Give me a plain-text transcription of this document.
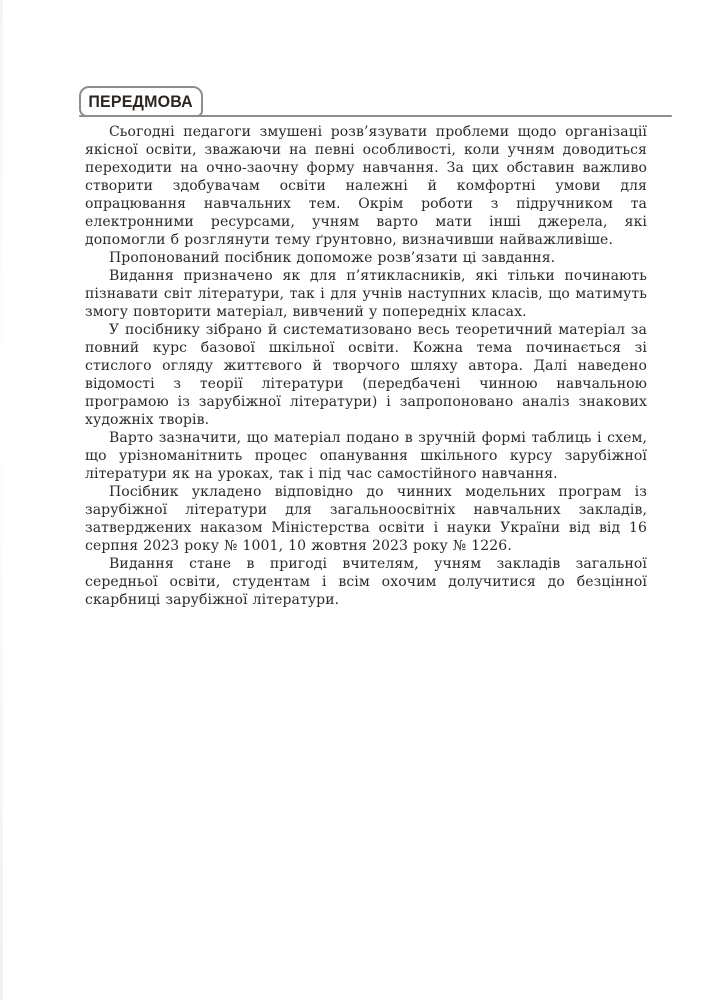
ПЕРЕДМОВА

Сьогодні педагоги змушені розв’язувати проблеми щодо організації якісної освіти, зважаючи на певні особливості, коли учням доводиться переходити на очно-заочну форму навчання. За цих обставин важливо створити здобувачам освіти належні й комфортні умови для опрацювання навчальних тем. Окрім роботи з підручником та електронними ресурсами, учням варто мати інші джерела, які допомогли б розглянути тему ґрунтовно, визначивши найважливіше.

Пропонований посібник допоможе розв’язати ці завдання.

Видання призначено як для п’ятикласників, які тільки починають пізнавати світ літератури, так і для учнів наступних класів, що матимуть змогу повторити матеріал, вивчений у попередніх класах.

У посібнику зібрано й систематизовано весь теоретичний матеріал за повний курс базової шкільної освіти. Кожна тема починається зі стислого огляду життєвого й творчого шляху автора. Далі наведено відомості з теорії літератури (передбачені чинною навчальною програмою із зарубіжної літератури) і запропоновано аналіз знакових художніх творів.

Варто зазначити, що матеріал подано в зручній формі таблиць і схем, що урізноманітнить процес опанування шкільного курсу зарубіжної літератури як на уроках, так і під час самостійного навчання.

Посібник укладено відповідно до чинних модельних програм із зарубіжної літератури для загальноосвітніх навчальних закладів, затверджених наказом Міністерства освіти і науки України від від 16 серпня 2023 року № 1001, 10 жовтня 2023 року № 1226.

Видання стане в пригоді вчителям, учням закладів загальної середньої освіти, студентам і всім охочим долучитися до безцінної скарбниці зарубіжної літератури.
